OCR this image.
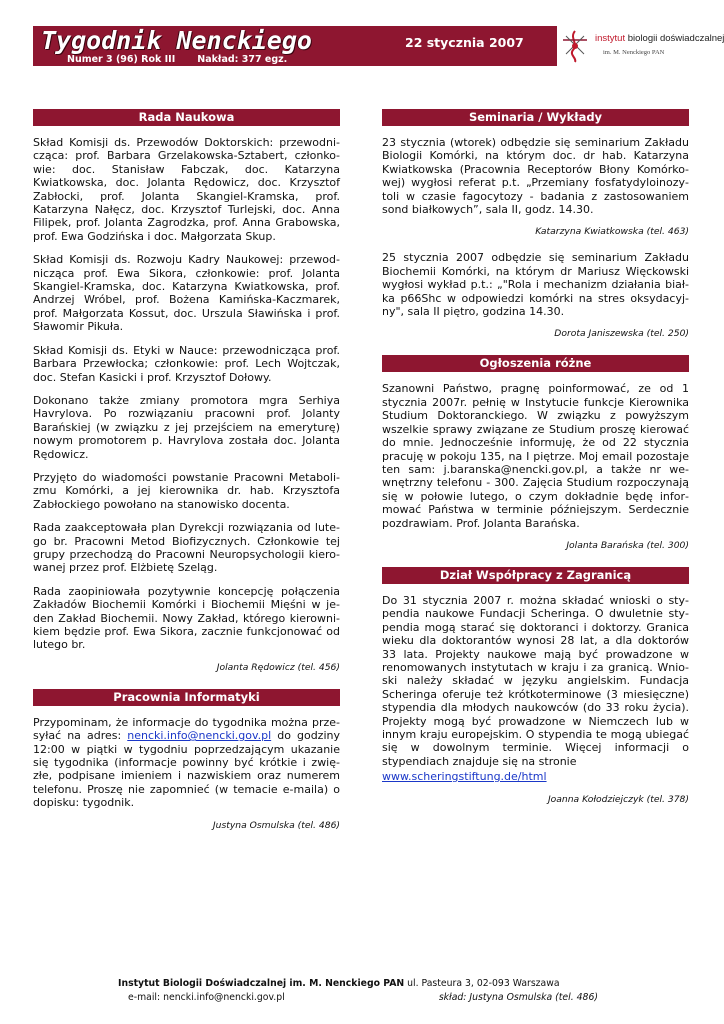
Tygodnik Nenckiego
Numer 3 (96) Rok III Nakład: 377 egz.
22 stycznia 2007	instytut biologii doświadczalnej
im. M. Nenckiego PAN
Rada Naukowa

Skład Komisji ds. Przewodów Doktorskich: przewodnicząca: prof. Barbara Grzelakowska-Sztabert, członkowie: doc. Stanisław Fabczak, doc. Katarzyna Kwiatkowska, doc. Jolanta Rędowicz, doc. Krzysztof Zabłocki, prof. Jolanta Skangiel-Kramska, prof. Katarzyna Nałęcz, doc. Krzysztof Turlejski, doc. Anna Filipek, prof. Jolanta Zagrodzka, prof. Anna Grabowska, prof. Ewa Godzińska i doc. Małgorzata Skup.

Skład Komisji ds. Rozwoju Kadry Naukowej: przewodnicząca prof. Ewa Sikora, członkowie: prof. Jolanta Skangiel-Kramska, doc. Katarzyna Kwiatkowska, prof. Andrzej Wróbel, prof. Bożena Kamińska-Kaczmarek, prof. Małgorzata Kossut, doc. Urszula Sławińska i prof. Sławomir Pikuła.

Skład Komisji ds. Etyki w Nauce: przewodnicząca prof. Barbara Przewłocka; członkowie: prof. Lech Wojtczak, doc. Stefan Kasicki i prof. Krzysztof Dołowy.

Dokonano także zmiany promotora mgra Serhiya Havrylova. Po rozwiązaniu pracowni prof. Jolanty Barańskiej (w związku z jej przejściem na emeryturę) nowym promotorem p. Havrylova została doc. Jolanta Rędowicz.

Przyjęto do wiadomości powstanie Pracowni Metabolizmu Komórki, a jej kierownika dr. hab. Krzysztofa Zabłockiego powołano na stanowisko docenta.

Rada zaakceptowała plan Dyrekcji rozwiązania od lutego br. Pracowni Metod Biofizycznych. Członkowie tej grupy przechodzą do Pracowni Neuropsychologii kierowanej przez prof. Elżbietę Szeląg.

Rada zaopiniowała pozytywnie koncepcję połączenia Zakładów Biochemii Komórki i Biochemii Mięśni w jeden Zakład Biochemii. Nowy Zakład, którego kierownikiem będzie prof. Ewa Sikora, zacznie funkcjonować od lutego br.

Jolanta Rędowicz (tel. 456)
Pracownia Informatyki

Przypominam, że informacje do tygodnika można przesyłać na adres: nencki.info@nencki.gov.pl do godziny 12:00 w piątki w tygodniu poprzedzającym ukazanie się tygodnika (informacje powinny być krótkie i zwięzłe, podpisane imieniem i nazwiskiem oraz numerem telefonu. Proszę nie zapomnieć (w temacie e-maila) o dopisku: tygodnik.

Justyna Osmulska (tel. 486)
Seminaria / Wykłady

23 stycznia (wtorek) odbędzie się seminarium Zakładu Biologii Komórki, na którym doc. dr hab. Katarzyna Kwiatkowska (Pracownia Receptorów Błony Komórkowej) wygłosi referat p.t. „Przemiany fosfatydyloinozytoli w czasie fagocytozy - badania z zastosowaniem sond białkowych”, sala II, godz. 14.30.

Katarzyna Kwiatkowska (tel. 463)

25 stycznia 2007 odbędzie się seminarium Zakładu Biochemii Komórki, na którym dr Mariusz Więckowski wygłosi wykład p.t.: „"Rola i mechanizm działania białka p66Shc w odpowiedzi komórki na stres oksydacyjny", sala II piętro, godzina 14.30.

Dorota Janiszewska (tel. 250)
Ogłoszenia różne

Szanowni Państwo, pragnę poinformować, ze od 1 stycznia 2007r. pełnię w Instytucie funkcje Kierownika Studium Doktoranckiego. W związku z powyższym wszelkie sprawy związane ze Studium proszę kierować do mnie. Jednocześnie informuję, że od 22 stycznia pracuję w pokoju 135, na I piętrze. Moj email pozostaje ten sam: j.baranska@nencki.gov.pl, a także nr wewnętrzny telefonu - 300. Zajęcia Studium rozpoczynają się w połowie lutego, o czym dokładnie będę informować Państwa w terminie późniejszym. Serdecznie pozdrawiam. Prof. Jolanta Barańska.

Jolanta Barańska (tel. 300)
Dział Współpracy z Zagranicą

Do 31 stycznia 2007 r. można składać wnioski o stypendia naukowe Fundacji Scheringa. O dwuletnie stypendia mogą starać się doktoranci i doktorzy. Granica wieku dla doktorantów wynosi 28 lat, a dla doktorów 33 lata. Projekty naukowe mają być prowadzone w renomowanych instytutach w kraju i za granicą. Wnioski należy składać w języku angielskim. Fundacja Scheringa oferuje też krótkoterminowe (3 miesięczne) stypendia dla młodych naukowców (do 33 roku życia). Projekty mogą być prowadzone w Niemczech lub w innym kraju europejskim. O stypendia te mogą ubiegać się w dowolnym terminie. Więcej informacji o stypendiach znajduje się na stronie

www.scheringstiftung.de/html

Joanna Kołodziejczyk (tel. 378)
Instytut Biologii Doświadczalnej im. M. Nenckiego PAN ul. Pasteura 3, 02-093 Warszawa
e-mail: nencki.info@nencki.gov.pl	skład: Justyna Osmulska (tel. 486)
